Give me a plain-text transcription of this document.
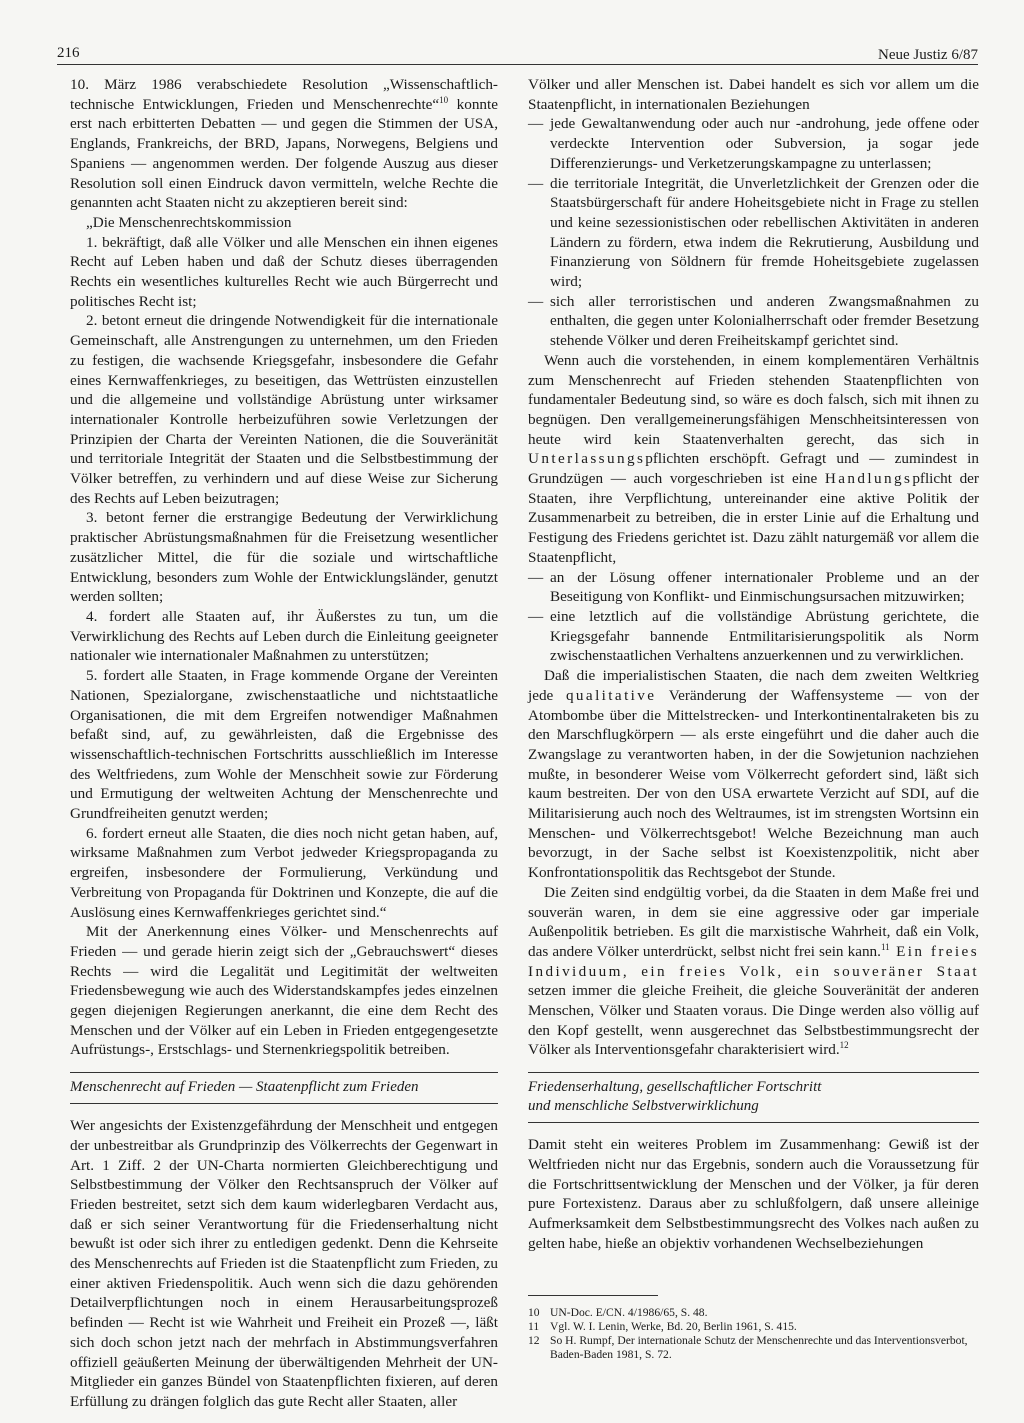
216	Neue Justiz 6/87

10. März 1986 verabschiedete Resolution „Wissenschaftlich-technische Entwicklungen, Frieden und Menschenrechte“$^{10}$ konnte erst nach erbitterten Debatten — und gegen die Stimmen der USA, Englands, Frankreichs, der BRD, Japans, Norwegens, Belgiens und Spaniens — angenommen werden. Der folgende Auszug aus dieser Resolution soll einen Eindruck davon vermitteln, welche Rechte die genannten acht Staaten nicht zu akzeptieren bereit sind:

„Die Menschenrechtskommission

1. bekräftigt, daß alle Völker und alle Menschen ein ihnen eigenes Recht auf Leben haben und daß der Schutz dieses überragenden Rechts ein wesentliches kulturelles Recht wie auch Bürgerrecht und politisches Recht ist;

2. betont erneut die dringende Notwendigkeit für die internationale Gemeinschaft, alle Anstrengungen zu unternehmen, um den Frieden zu festigen, die wachsende Kriegsgefahr, insbesondere die Gefahr eines Kernwaffenkrieges, zu beseitigen, das Wettrüsten einzustellen und die allgemeine und vollständige Abrüstung unter wirksamer internationaler Kontrolle herbeizuführen sowie Verletzungen der Prinzipien der Charta der Vereinten Nationen, die die Souveränität und territoriale Integrität der Staaten und die Selbstbestimmung der Völker betreffen, zu verhindern und auf diese Weise zur Sicherung des Rechts auf Leben beizutragen;

3. betont ferner die erstrangige Bedeutung der Verwirklichung praktischer Abrüstungsmaßnahmen für die Freisetzung wesentlicher zusätzlicher Mittel, die für die soziale und wirtschaftliche Entwicklung, besonders zum Wohle der Entwicklungsländer, genutzt werden sollten;

4. fordert alle Staaten auf, ihr Äußerstes zu tun, um die Verwirklichung des Rechts auf Leben durch die Einleitung geeigneter nationaler wie internationaler Maßnahmen zu unterstützen;

5. fordert alle Staaten, in Frage kommende Organe der Vereinten Nationen, Spezialorgane, zwischenstaatliche und nichtstaatliche Organisationen, die mit dem Ergreifen notwendiger Maßnahmen befaßt sind, auf, zu gewährleisten, daß die Ergebnisse des wissenschaftlich-technischen Fortschritts ausschließlich im Interesse des Weltfriedens, zum Wohle der Menschheit sowie zur Förderung und Ermutigung der weltweiten Achtung der Menschenrechte und Grundfreiheiten genutzt werden;

6. fordert erneut alle Staaten, die dies noch nicht getan haben, auf, wirksame Maßnahmen zum Verbot jedweder Kriegspropaganda zu ergreifen, insbesondere der Formulierung, Verkündung und Verbreitung von Propaganda für Doktrinen und Konzepte, die auf die Auslösung eines Kernwaffenkrieges gerichtet sind.“

Mit der Anerkennung eines Völker- und Menschenrechts auf Frieden — und gerade hierin zeigt sich der „Gebrauchswert“ dieses Rechts — wird die Legalität und Legitimität der weltweiten Friedensbewegung wie auch des Widerstandskampfes jedes einzelnen gegen diejenigen Regierungen anerkannt, die eine dem Recht des Menschen und der Völker auf ein Leben in Frieden entgegengesetzte Aufrüstungs-, Erstschlags- und Sternenkriegspolitik betreiben.

Menschenrecht auf Frieden — Staatenpflicht zum Frieden

Wer angesichts der Existenzgefährdung der Menschheit und entgegen der unbestreitbar als Grundprinzip des Völkerrechts der Gegenwart in Art. 1 Ziff. 2 der UN-Charta normierten Gleichberechtigung und Selbstbestimmung der Völker den Rechtsanspruch der Völker auf Frieden bestreitet, setzt sich dem kaum widerlegbaren Verdacht aus, daß er sich seiner Verantwortung für die Friedenserhaltung nicht bewußt ist oder sich ihrer zu entledigen gedenkt. Denn die Kehrseite des Menschenrechts auf Frieden ist die Staatenpflicht zum Frieden, zu einer aktiven Friedenspolitik. Auch wenn sich die dazu gehörenden Detailverpflichtungen noch in einem Herausarbeitungsprozeß befinden — Recht ist wie Wahrheit und Freiheit ein Prozeß —, läßt sich doch schon jetzt nach der mehrfach in Abstimmungsverfahren offiziell geäußerten Meinung der überwältigenden Mehrheit der UN-Mitglieder ein ganzes Bündel von Staatenpflichten fixieren, auf deren Erfüllung zu drängen folglich das gute Recht aller Staaten, aller

Völker und aller Menschen ist. Dabei handelt es sich vor allem um die Staatenpflicht, in internationalen Beziehungen

— jede Gewaltanwendung oder auch nur -androhung, jede offene oder verdeckte Intervention oder Subversion, ja sogar jede Differenzierungs- und Verketzerungskampagne zu unterlassen;
— die territoriale Integrität, die Unverletzlichkeit der Grenzen oder die Staatsbürgerschaft für andere Hoheitsgebiete nicht in Frage zu stellen und keine sezessionistischen oder rebellischen Aktivitäten in anderen Ländern zu fördern, etwa indem die Rekrutierung, Ausbildung und Finanzierung von Söldnern für fremde Hoheitsgebiete zugelassen wird;
— sich aller terroristischen und anderen Zwangsmaßnahmen zu enthalten, die gegen unter Kolonialherrschaft oder fremder Besetzung stehende Völker und deren Freiheitskampf gerichtet sind.

Wenn auch die vorstehenden, in einem komplementären Verhältnis zum Menschenrecht auf Frieden stehenden Staatenpflichten von fundamentaler Bedeutung sind, so wäre es doch falsch, sich mit ihnen zu begnügen. Den verallgemeinerungsfähigen Menschheitsinteressen von heute wird kein Staatenverhalten gerecht, das sich in Unterlassungspflichten erschöpft. Gefragt und — zumindest in Grundzügen — auch vorgeschrieben ist eine Handlungspflicht der Staaten, ihre Verpflichtung, untereinander eine aktive Politik der Zusammenarbeit zu betreiben, die in erster Linie auf die Erhaltung und Festigung des Friedens gerichtet ist. Dazu zählt naturgemäß vor allem die Staatenpflicht,

— an der Lösung offener internationaler Probleme und an der Beseitigung von Konflikt- und Einmischungsursachen mitzuwirken;
— eine letztlich auf die vollständige Abrüstung gerichtete, die Kriegsgefahr bannende Entmilitarisierungspolitik als Norm zwischenstaatlichen Verhaltens anzuerkennen und zu verwirklichen.

Daß die imperialistischen Staaten, die nach dem zweiten Weltkrieg jede qualitative Veränderung der Waffensysteme — von der Atombombe über die Mittelstrecken- und Interkontinentalraketen bis zu den Marschflugkörpern — als erste eingeführt und die daher auch die Zwangslage zu verantworten haben, in der die Sowjetunion nachziehen mußte, in besonderer Weise vom Völkerrecht gefordert sind, läßt sich kaum bestreiten. Der von den USA erwartete Verzicht auf SDI, auf die Militarisierung auch noch des Weltraumes, ist im strengsten Wortsinn ein Menschen- und Völkerrechtsgebot! Welche Bezeichnung man auch bevorzugt, in der Sache selbst ist Koexistenzpolitik, nicht aber Konfrontationspolitik das Rechtsgebot der Stunde.

Die Zeiten sind endgültig vorbei, da die Staaten in dem Maße frei und souverän waren, in dem sie eine aggressive oder gar imperiale Außenpolitik betrieben. Es gilt die marxistische Wahrheit, daß ein Volk, das andere Völker unterdrückt, selbst nicht frei sein kann.$^{11}$ Ein freies Individuum, ein freies Volk, ein souveräner Staat setzen immer die gleiche Freiheit, die gleiche Souveränität der anderen Menschen, Völker und Staaten voraus. Die Dinge werden also völlig auf den Kopf gestellt, wenn ausgerechnet das Selbstbestimmungsrecht der Völker als Interventionsgefahr charakterisiert wird.$^{12}$

Friedenserhaltung, gesellschaftlicher Fortschritt
und menschliche Selbstverwirklichung

Damit steht ein weiteres Problem im Zusammenhang: Gewiß ist der Weltfrieden nicht nur das Ergebnis, sondern auch die Voraussetzung für die Fortschrittsentwicklung der Menschen und der Völker, ja für deren pure Fortexistenz. Daraus aber zu schlußfolgern, daß unsere alleinige Aufmerksamkeit dem Selbstbestimmungsrecht des Volkes nach außen zu gelten habe, hieße an objektiv vorhandenen Wechselbeziehungen

10 UN-Doc. E/CN. 4/1986/65, S. 48.
11 Vgl. W. I. Lenin, Werke, Bd. 20, Berlin 1961, S. 415.
12 So H. Rumpf, Der internationale Schutz der Menschenrechte und das Interventionsverbot, Baden-Baden 1981, S. 72.
